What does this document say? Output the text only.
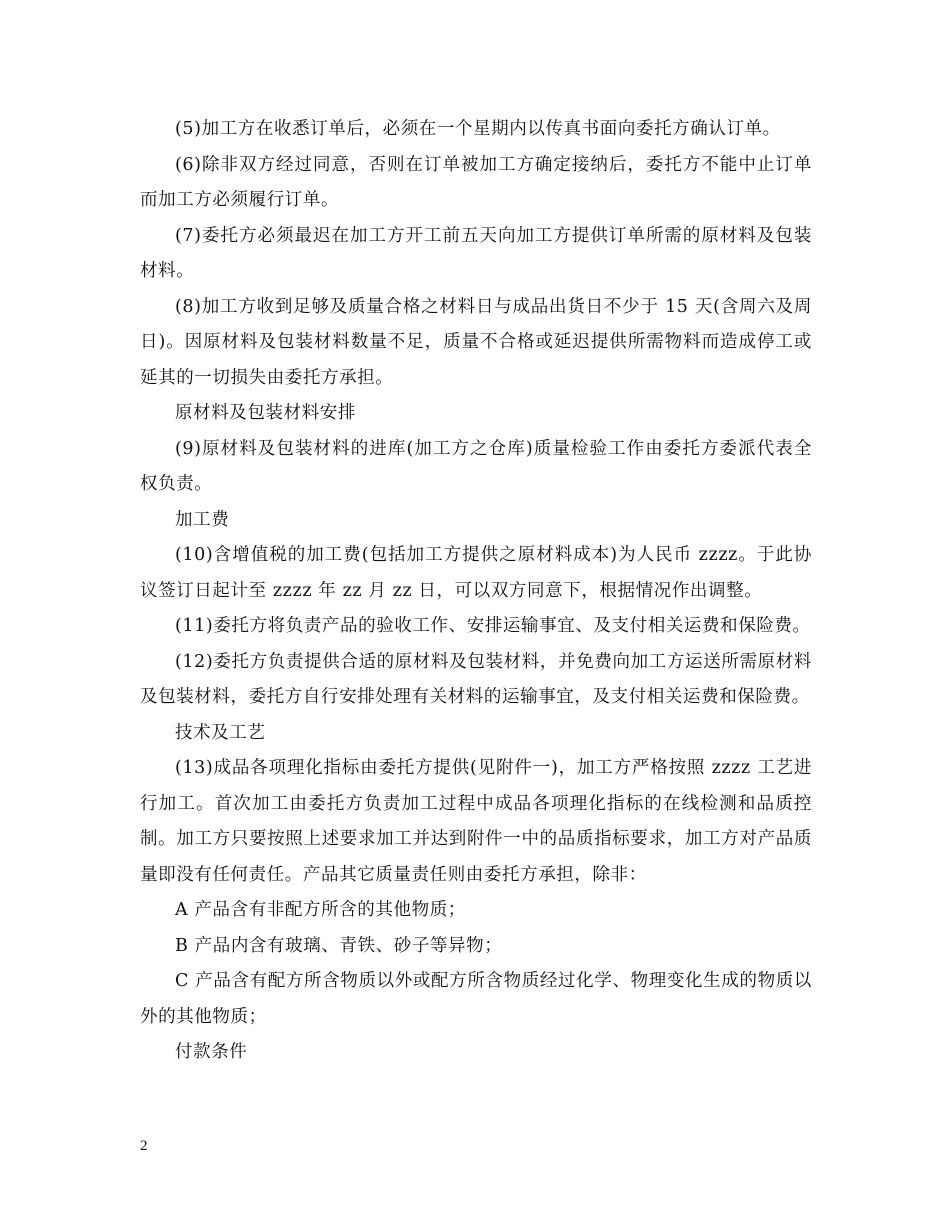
(5)加工方在收悉订单后，必须在一个星期内以传真书面向委托方确认订单。

(6)除非双方经过同意，否则在订单被加工方确定接纳后，委托方不能中止订单而加工方必须履行订单。

(7)委托方必须最迟在加工方开工前五天向加工方提供订单所需的原材料及包装材料。

(8)加工方收到足够及质量合格之材料日与成品出货日不少于 15 天(含周六及周日)。因原材料及包装材料数量不足，质量不合格或延迟提供所需物料而造成停工或延其的一切损失由委托方承担。

原材料及包装材料安排

(9)原材料及包装材料的进库(加工方之仓库)质量检验工作由委托方委派代表全权负责。

加工费

(10)含增值税的加工费(包括加工方提供之原材料成本)为人民币 zzzz。于此协议签订日起计至 zzzz 年 zz 月 zz 日，可以双方同意下，根据情况作出调整。

(11)委托方将负责产品的验收工作、安排运输事宜、及支付相关运费和保险费。

(12)委托方负责提供合适的原材料及包装材料，并免费向加工方运送所需原材料及包装材料，委托方自行安排处理有关材料的运输事宜，及支付相关运费和保险费。

技术及工艺

(13)成品各项理化指标由委托方提供(见附件一)，加工方严格按照 zzzz 工艺进行加工。首次加工由委托方负责加工过程中成品各项理化指标的在线检测和品质控制。加工方只要按照上述要求加工并达到附件一中的品质指标要求，加工方对产品质量即没有任何责任。产品其它质量责任则由委托方承担，除非：

A 产品含有非配方所含的其他物质；

B 产品内含有玻璃、青铁、砂子等异物；

C 产品含有配方所含物质以外或配方所含物质经过化学、物理变化生成的物质以外的其他物质；

付款条件

2
